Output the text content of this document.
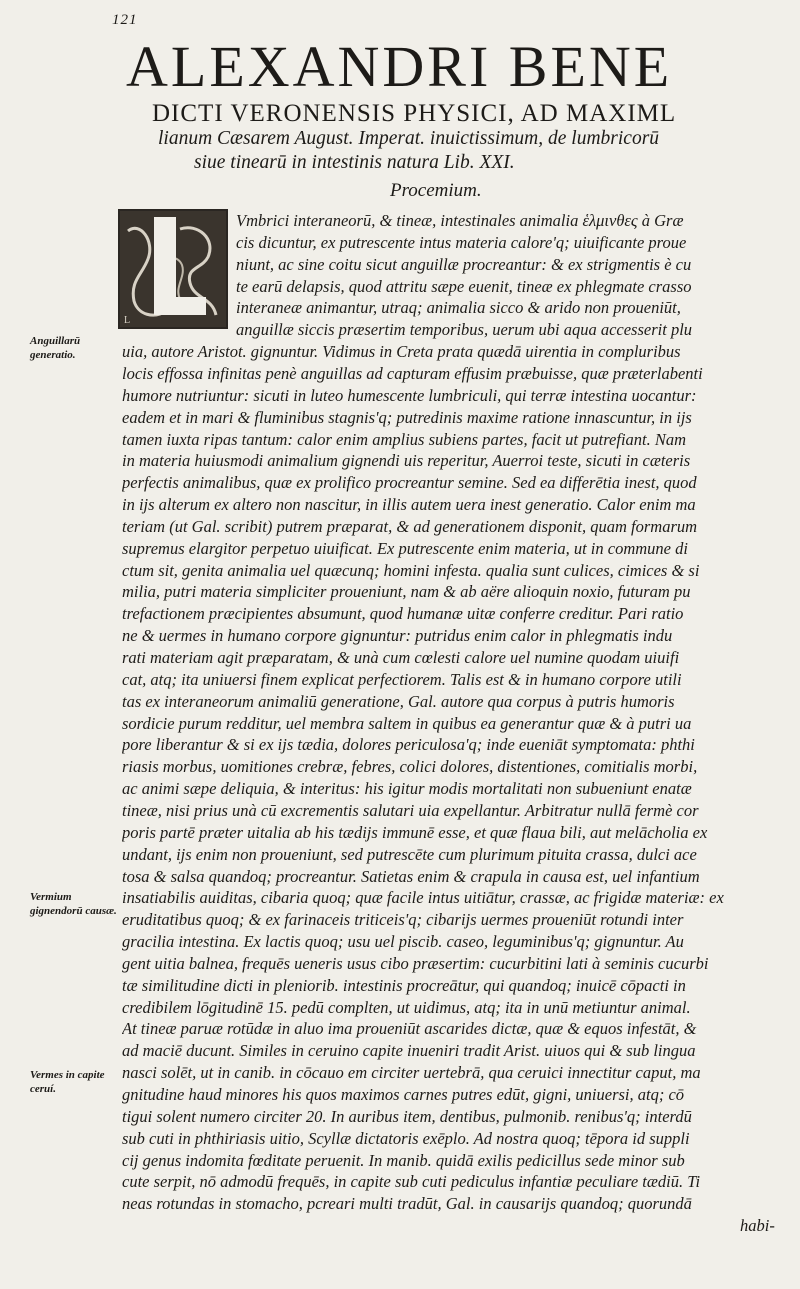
121
ALEXANDRI BENE
DICTI VERONENSIS PHYSICI, AD MAXIML
lianum Cæsarem August. Imperat. inuictissimum, de lumbricorū
siue tinearū in intestinis natura Lib. XXI.
Procemium.
L
Anguillarū generatio.
Vermium gignendorū causæ.
Vermes in capite ceruí.
Vmbrici interaneorū, & tineæ, intestinales animalia ἑλμινθες à Græ
cis dicuntur, ex putrescente intus materia calore'q; uiuificante proue
niunt, ac sine coitu sicut anguillæ procreantur: & ex strigmentis è cu
te earū delapsis, quod attritu sæpe euenit, tineæ ex phlegmate crasso
interaneæ animantur, utraq; animalia sicco & arido non proueniūt,
anguillæ siccis præsertim temporibus, uerum ubi aqua accesserit plu
uia, autore Aristot. gignuntur. Vidimus in Creta prata quædā uirentia in compluribus
locis effossa infinitas penè anguillas ad capturam effusim præbuisse, quæ præterlabenti
humore nutriuntur: sicuti in luteo humescente lumbriculi, qui terræ intestina uocantur:
eadem et in mari & fluminibus stagnis'q; putredinis maxime ratione innascuntur, in ijs
tamen iuxta ripas tantum: calor enim amplius subiens partes, facit ut putrefiant. Nam
in materia huiusmodi animalium gignendi uis reperitur, Auerroi teste, sicuti in cæteris
perfectis animalibus, quæ ex prolifico procreantur semine. Sed ea differētia inest, quod
in ijs alterum ex altero non nascitur, in illis autem uera inest generatio. Calor enim ma
teriam (ut Gal. scribit) putrem præparat, & ad generationem disponit, quam formarum
supremus elargitor perpetuo uiuificat. Ex putrescente enim materia, ut in commune di
ctum sit, genita animalia uel quæcunq; homini infesta. qualia sunt culices, cimices & si
milia, putri materia simpliciter proueniunt, nam & ab aëre alioquin noxio, futuram pu
trefactionem præcipientes absumunt, quod humanæ uitæ conferre creditur. Pari ratio
ne & uermes in humano corpore gignuntur: putridus enim calor in phlegmatis indu
rati materiam agit præparatam, & unà cum cœlesti calore uel numine quodam uiuifi
cat, atq; ita uniuersi finem explicat perfectiorem. Talis est & in humano corpore utili
tas ex interaneorum animaliū generatione, Gal. autore qua corpus à putris humoris
sordicie purum redditur, uel membra saltem in quibus ea generantur quæ & à putri ua
pore liberantur & si ex ijs tædia, dolores periculosa'q; inde eueniāt symptomata: phthi
riasis morbus, uomitiones crebræ, febres, colici dolores, distentiones, comitialis morbi,
ac animi sæpe deliquia, & interitus: his igitur modis mortalitati non subueniunt enatæ
tineæ, nisi prius unà cū excrementis salutari uia expellantur. Arbitratur nullā fermè cor
poris partē præter uitalia ab his tædijs immunē esse, et quæ flaua bili, aut melācholia ex
undant, ijs enim non proueniunt, sed putrescēte cum plurimum pituita crassa, dulci ace
tosa & salsa quandoq; procreantur. Satietas enim & crapula in causa est, uel infantium
insatiabilis auiditas, cibaria quoq; quæ facile intus uitiātur, crassæ, ac frigidæ materiæ: ex
eruditatibus quoq; & ex farinaceis triticeis'q; cibarijs uermes proueniūt rotundi inter
gracilia intestina. Ex lactis quoq; usu uel piscib. caseo, leguminibus'q; gignuntur. Au
gent uitia balnea, frequēs ueneris usus cibo præsertim: cucurbitini lati à seminis cucurbi
tæ similitudine dicti in pleniorib. intestinis procreātur, qui quandoq; inuicē cōpacti in
credibilem lōgitudinē 15. pedū complten, ut uidimus, atq; ita in unū metiuntur animal.
At tineæ paruæ rotūdæ in aluo ima proueniūt ascarides dictæ, quæ & equos infestāt, &
ad maciē ducunt. Similes in ceruino capite inueniri tradit Arist. uiuos qui & sub lingua
nasci solēt, ut in canib. in cōcauo em circiter uertebrā, qua ceruici innectitur caput, ma
gnitudine haud minores his quos maximos carnes putres edūt, gigni, uniuersi, atq; cō
tigui solent numero circiter 20. In auribus item, dentibus, pulmonib. renibus'q; interdū
sub cuti in phthiriasis uitio, Scyllæ dictatoris exēplo. Ad nostra quoq; tēpora id suppli
cij genus indomita fœditate peruenit. In manib. quidā exilis pedicillus sede minor sub
cute serpit, nō admodū frequēs, in capite sub cuti pediculus infantiæ peculiare tædiū. Ti
neas rotundas in stomacho, pcreari multi tradūt, Gal. in causarijs quandoq; quorundā
habi-
